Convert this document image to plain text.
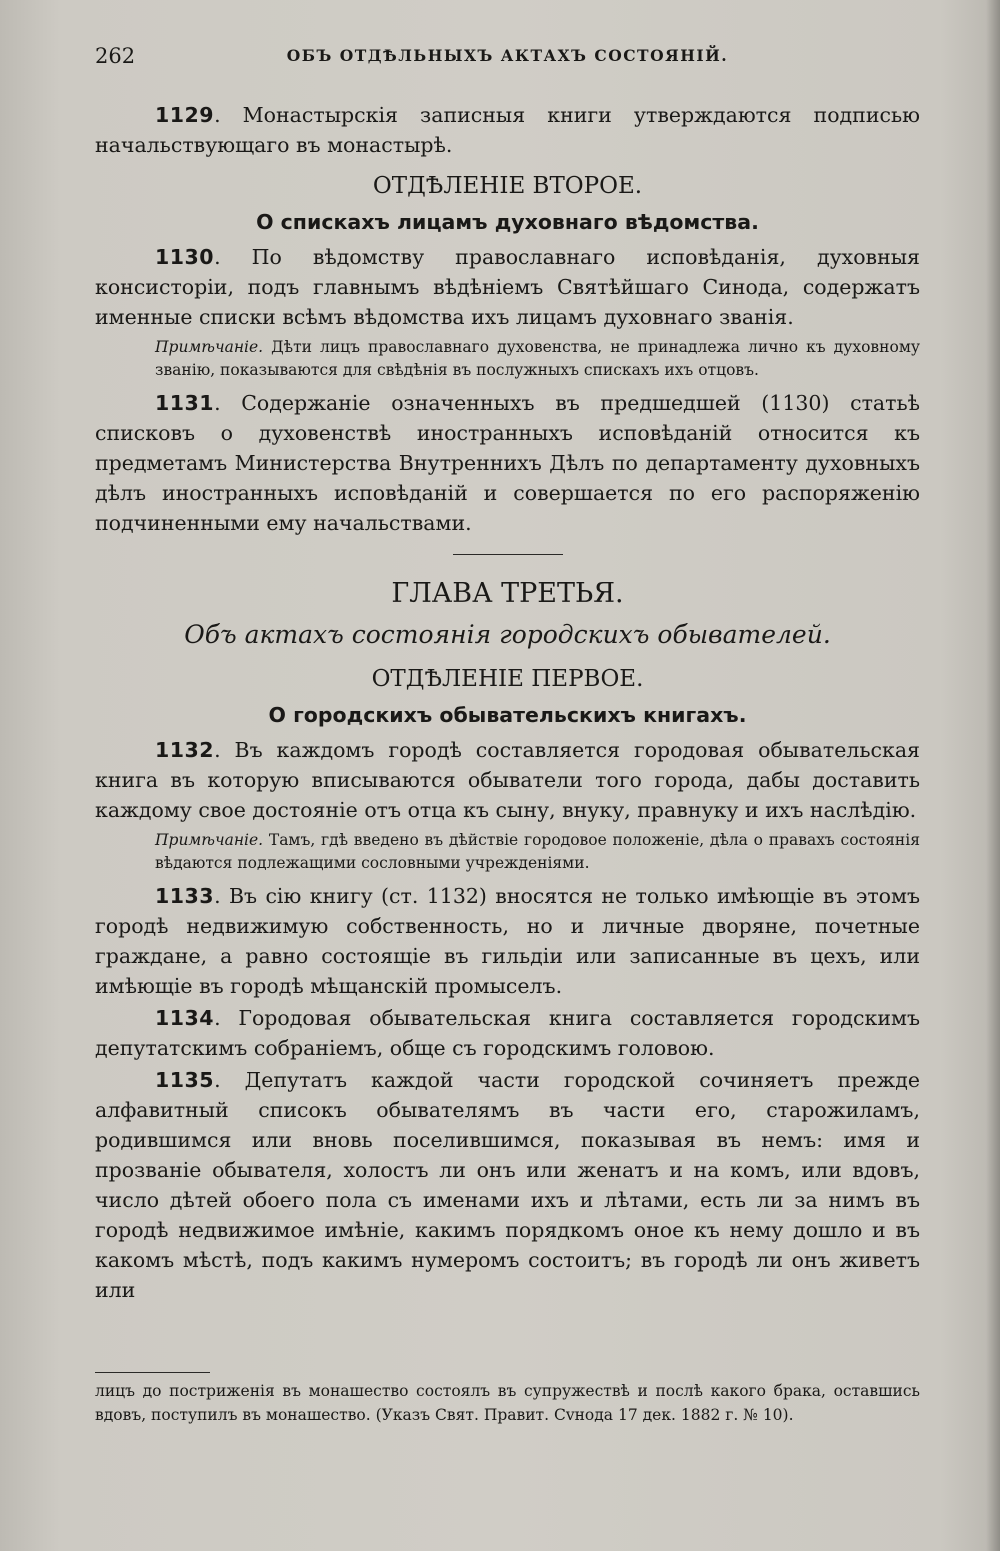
262	ОБЪ ОТДѢЛЬНЫХЪ АКТАХЪ СОСТОЯНІЙ.

1129. Монастырскія записныя книги утверждаются подписью начальствующаго въ монастырѣ.

ОТДѢЛЕНІЕ ВТОРОЕ.
О спискахъ лицамъ духовнаго вѣдомства.

1130. По вѣдомству православнаго исповѣданія, духовныя консисторіи, подъ главнымъ вѣдѣніемъ Святѣйшаго Синода, содержатъ именные списки всѣмъ вѣдомства ихъ лицамъ духовнаго званія.

Примѣчаніе. Дѣти лицъ православнаго духовенства, не принадлежа лично къ духовному званію, показываются для свѣдѣнія въ послужныхъ спискахъ ихъ отцовъ.

1131. Содержаніе означенныхъ въ предшедшей (1130) статьѣ списковъ о духовенствѣ иностранныхъ исповѣданій относится къ предметамъ Министерства Внутреннихъ Дѣлъ по департаменту духовныхъ дѣлъ иностранныхъ исповѣданій и совершается по его распоряженію подчиненными ему начальствами.

ГЛАВА ТРЕТЬЯ.
Объ актахъ состоянія городскихъ обывателей.
ОТДѢЛЕНІЕ ПЕРВОЕ.
О городскихъ обывательскихъ книгахъ.

1132. Въ каждомъ городѣ составляется городовая обывательская книга въ которую вписываются обыватели того города, дабы доставить каждому свое достояніе отъ отца къ сыну, внуку, правнуку и ихъ наслѣдію.

Примѣчаніе. Тамъ, гдѣ введено въ дѣйствіе городовое положеніе, дѣла о правахъ состоянія вѣдаются подлежащими сословными учрежденіями.

1133. Въ сію книгу (ст. 1132) вносятся не только имѣющіе въ этомъ городѣ недвижимую собственность, но и личные дворяне, почетные граждане, а равно состоящіе въ гильдіи или записанные въ цехъ, или имѣющіе въ городѣ мѣщанскій промыселъ.

1134. Городовая обывательская книга составляется городскимъ депутатскимъ собраніемъ, обще съ городскимъ головою.

1135. Депутатъ каждой части городской сочиняетъ прежде алфавитный списокъ обывателямъ въ части его, старожиламъ, родившимся или вновь поселившимся, показывая въ немъ: имя и прозваніе обывателя, холостъ ли онъ или женатъ и на комъ, или вдовъ, число дѣтей обоего пола съ именами ихъ и лѣтами, есть ли за нимъ въ городѣ недвижимое имѣніе, какимъ порядкомъ оное къ нему дошло и въ какомъ мѣстѣ, подъ какимъ нумеромъ состоитъ; въ городѣ ли онъ живетъ или

лицъ до постриженія въ монашество состоялъ въ супружествѣ и послѣ какого брака, оставшись вдовъ, поступилъ въ монашество. (Указъ Свят. Правит. Сvнода 17 дек. 1882 г. № 10).
